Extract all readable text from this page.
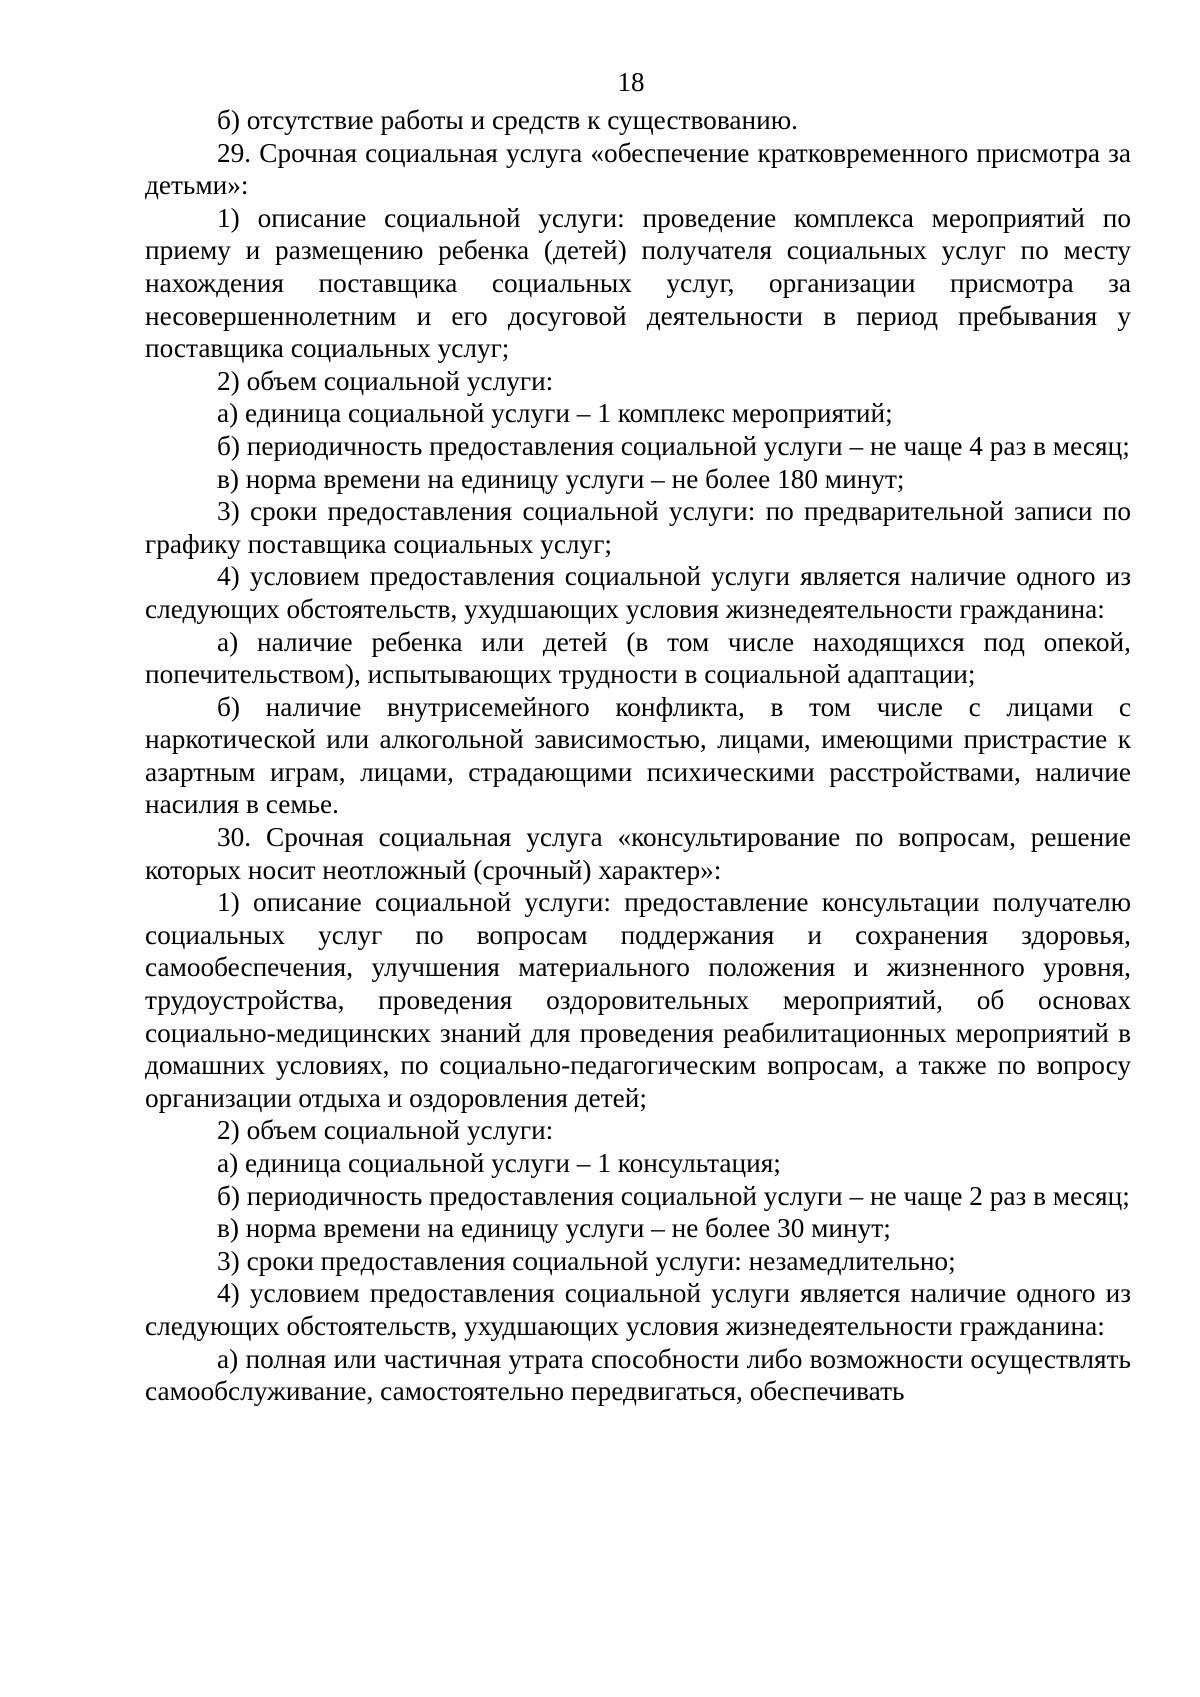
18

б) отсутствие работы и средств к существованию.

29. Срочная социальная услуга «обеспечение кратковременного присмотра за детьми»:

1) описание социальной услуги: проведение комплекса мероприятий по приему и размещению ребенка (детей) получателя социальных услуг по месту нахождения поставщика социальных услуг, организации присмотра за несовершеннолетним и его досуговой деятельности в период пребывания у поставщика социальных услуг;

2) объем социальной услуги:

а) единица социальной услуги – 1 комплекс мероприятий;

б) периодичность предоставления социальной услуги – не чаще 4 раз в месяц;

в) норма времени на единицу услуги – не более 180 минут;

3) сроки предоставления социальной услуги: по предварительной записи по графику поставщика социальных услуг;

4) условием предоставления социальной услуги является наличие одного из следующих обстоятельств, ухудшающих условия жизнедеятельности гражданина:

а) наличие ребенка или детей (в том числе находящихся под опекой, попечительством), испытывающих трудности в социальной адаптации;

б) наличие внутрисемейного конфликта, в том числе с лицами с наркотической или алкогольной зависимостью, лицами, имеющими пристрастие к азартным играм, лицами, страдающими психическими расстройствами, наличие насилия в семье.

30. Срочная социальная услуга «консультирование по вопросам, решение которых носит неотложный (срочный) характер»:

1) описание социальной услуги: предоставление консультации получателю социальных услуг по вопросам поддержания и сохранения здоровья, самообеспечения, улучшения материального положения и жизненного уровня, трудоустройства, проведения оздоровительных мероприятий, об основах социально-медицинских знаний для проведения реабилитационных мероприятий в домашних условиях, по социально-педагогическим вопросам, а также по вопросу организации отдыха и оздоровления детей;

2) объем социальной услуги:

а) единица социальной услуги – 1 консультация;

б) периодичность предоставления социальной услуги – не чаще 2 раз в месяц;

в) норма времени на единицу услуги – не более 30 минут;

3) сроки предоставления социальной услуги: незамедлительно;

4) условием предоставления социальной услуги является наличие одного из следующих обстоятельств, ухудшающих условия жизнедеятельности гражданина:

а) полная или частичная утрата способности либо возможности осуществлять самообслуживание, самостоятельно передвигаться, обеспечивать
